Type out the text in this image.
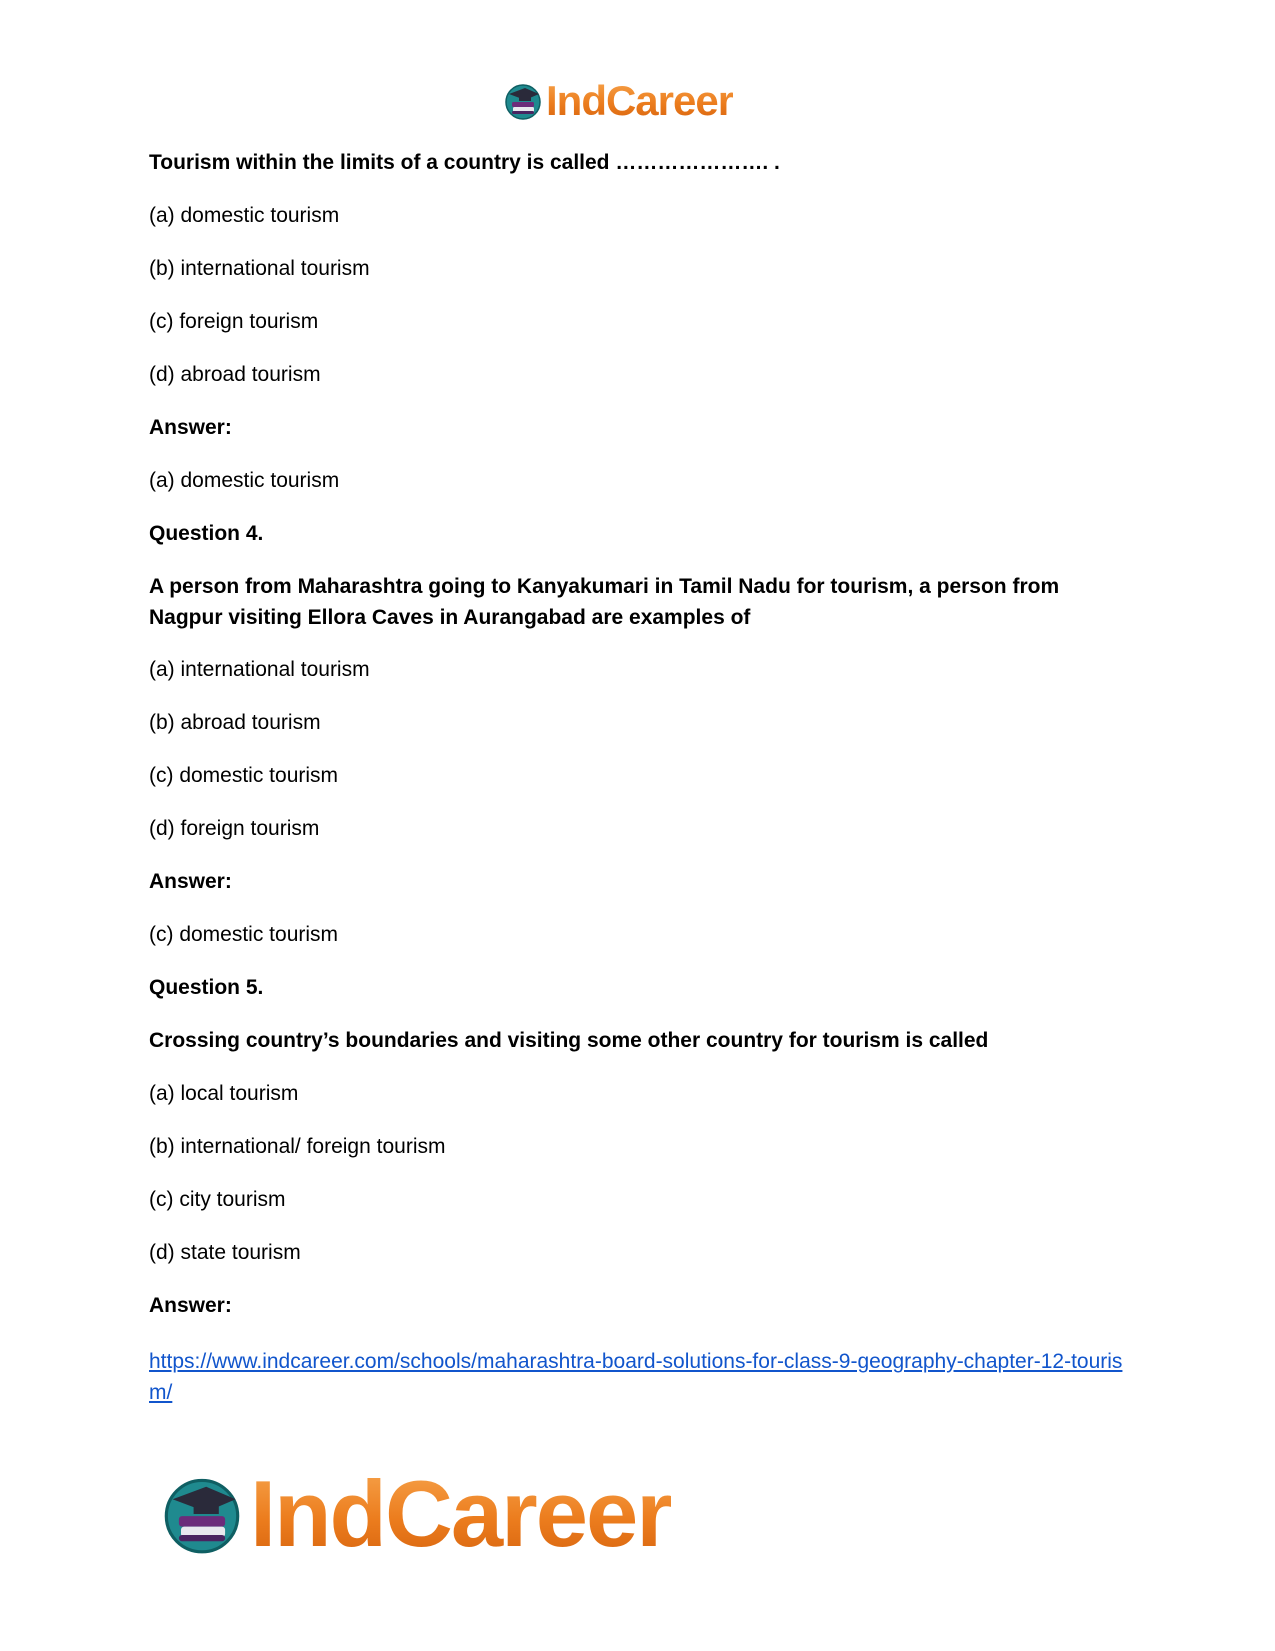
IndCareer
Tourism within the limits of a country is called …………………. .
(a) domestic tourism
(b) international tourism
(c) foreign tourism
(d) abroad tourism
Answer:
(a) domestic tourism
Question 4.
A person from Maharashtra going to Kanyakumari in Tamil Nadu for tourism, a person from Nagpur visiting Ellora Caves in Aurangabad are examples of
(a) international tourism
(b) abroad tourism
(c) domestic tourism
(d) foreign tourism
Answer:
(c) domestic tourism
Question 5.
Crossing country’s boundaries and visiting some other country for tourism is called
(a) local tourism
(b) international/ foreign tourism
(c) city tourism
(d) state tourism
Answer:
https://www.indcareer.com/schools/maharashtra-board-solutions-for-class-9-geography-chapter-12-tourism/
IndCareer
